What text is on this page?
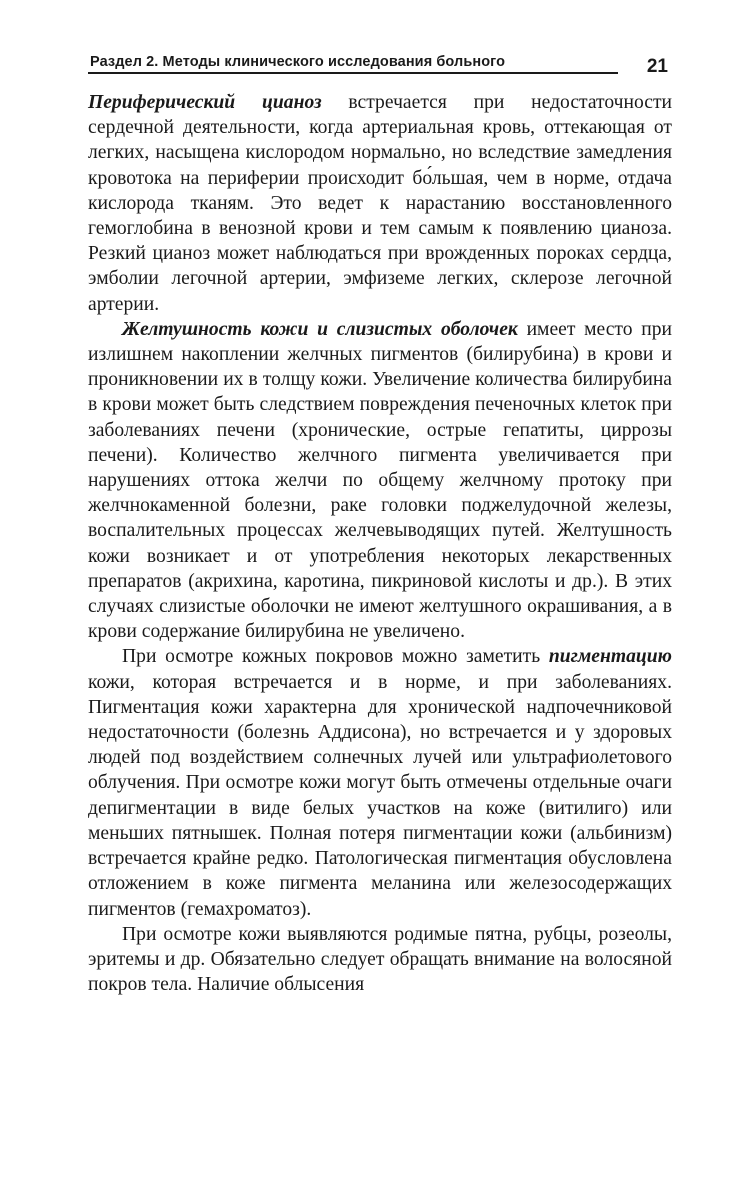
Раздел 2. Методы клинического исследования больного	21

Периферический цианоз встречается при недостаточности сердечной деятельности, когда артериальная кровь, оттекающая от легких, насыщена кислородом нормально, но вследствие замедления кровотока на периферии происходит бо́льшая, чем в норме, отдача кислорода тканям. Это ведет к нарастанию восстановленного гемоглобина в венозной крови и тем самым к появлению цианоза. Резкий цианоз может наблюдаться при врожденных пороках сердца, эмболии легочной артерии, эмфиземе легких, склерозе легочной артерии.

Желтушность кожи и слизистых оболочек имеет место при излишнем накоплении желчных пигментов (билирубина) в крови и проникновении их в толщу кожи. Увеличение количества билирубина в крови может быть следствием повреждения печеночных клеток при заболеваниях печени (хронические, острые гепатиты, циррозы печени). Количество желчного пигмента увеличивается при нарушениях оттока желчи по общему желчному протоку при желчнокаменной болезни, раке головки поджелудочной железы, воспалительных процессах желчевыводящих путей. Желтушность кожи возникает и от употребления некоторых лекарственных препаратов (акрихина, каротина, пикриновой кислоты и др.). В этих случаях слизистые оболочки не имеют желтушного окрашивания, а в крови содержание билирубина не увеличено.

При осмотре кожных покровов можно заметить пигментацию кожи, которая встречается и в норме, и при заболеваниях. Пигментация кожи характерна для хронической надпочечниковой недостаточности (болезнь Аддисона), но встречается и у здоровых людей под воздействием солнечных лучей или ультрафиолетового облучения. При осмотре кожи могут быть отмечены отдельные очаги депигментации в виде белых участков на коже (витилиго) или меньших пятнышек. Полная потеря пигментации кожи (альбинизм) встречается крайне редко. Патологическая пигментация обусловлена отложением в коже пигмента меланина или железосодержащих пигментов (гемахроматоз).

При осмотре кожи выявляются родимые пятна, рубцы, розеолы, эритемы и др. Обязательно следует обращать внимание на волосяной покров тела. Наличие облысения
